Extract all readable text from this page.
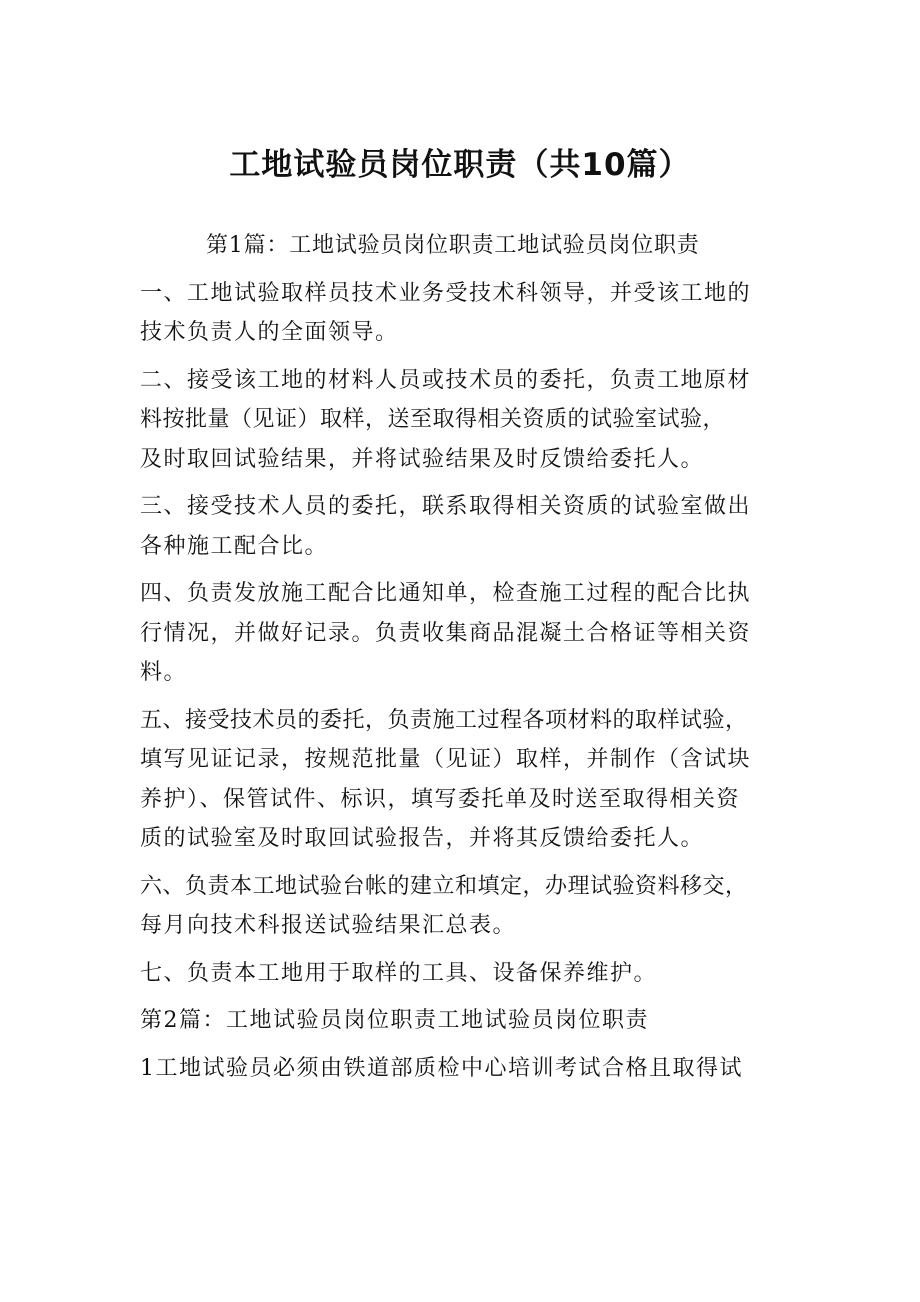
工地试验员岗位职责（共10篇）
第1篇：工地试验员岗位职责工地试验员岗位职责
一、工地试验取样员技术业务受技术科领导，并受该工地的
技术负责人的全面领导。
二、接受该工地的材料人员或技术员的委托，负责工地原材
料按批量（见证）取样，送至取得相关资质的试验室试验，
及时取回试验结果，并将试验结果及时反馈给委托人。
三、接受技术人员的委托，联系取得相关资质的试验室做出
各种施工配合比。
四、负责发放施工配合比通知单，检查施工过程的配合比执
行情况，并做好记录。负责收集商品混凝土合格证等相关资
料。
五、接受技术员的委托，负责施工过程各项材料的取样试验，
填写见证记录，按规范批量（见证）取样，并制作（含试块
养护）、保管试件、标识，填写委托单及时送至取得相关资
质的试验室及时取回试验报告，并将其反馈给委托人。
六、负责本工地试验台帐的建立和填定，办理试验资料移交，
每月向技术科报送试验结果汇总表。
七、负责本工地用于取样的工具、设备保养维护。
第2篇：工地试验员岗位职责工地试验员岗位职责
1工地试验员必须由铁道部质检中心培训考试合格且取得试
